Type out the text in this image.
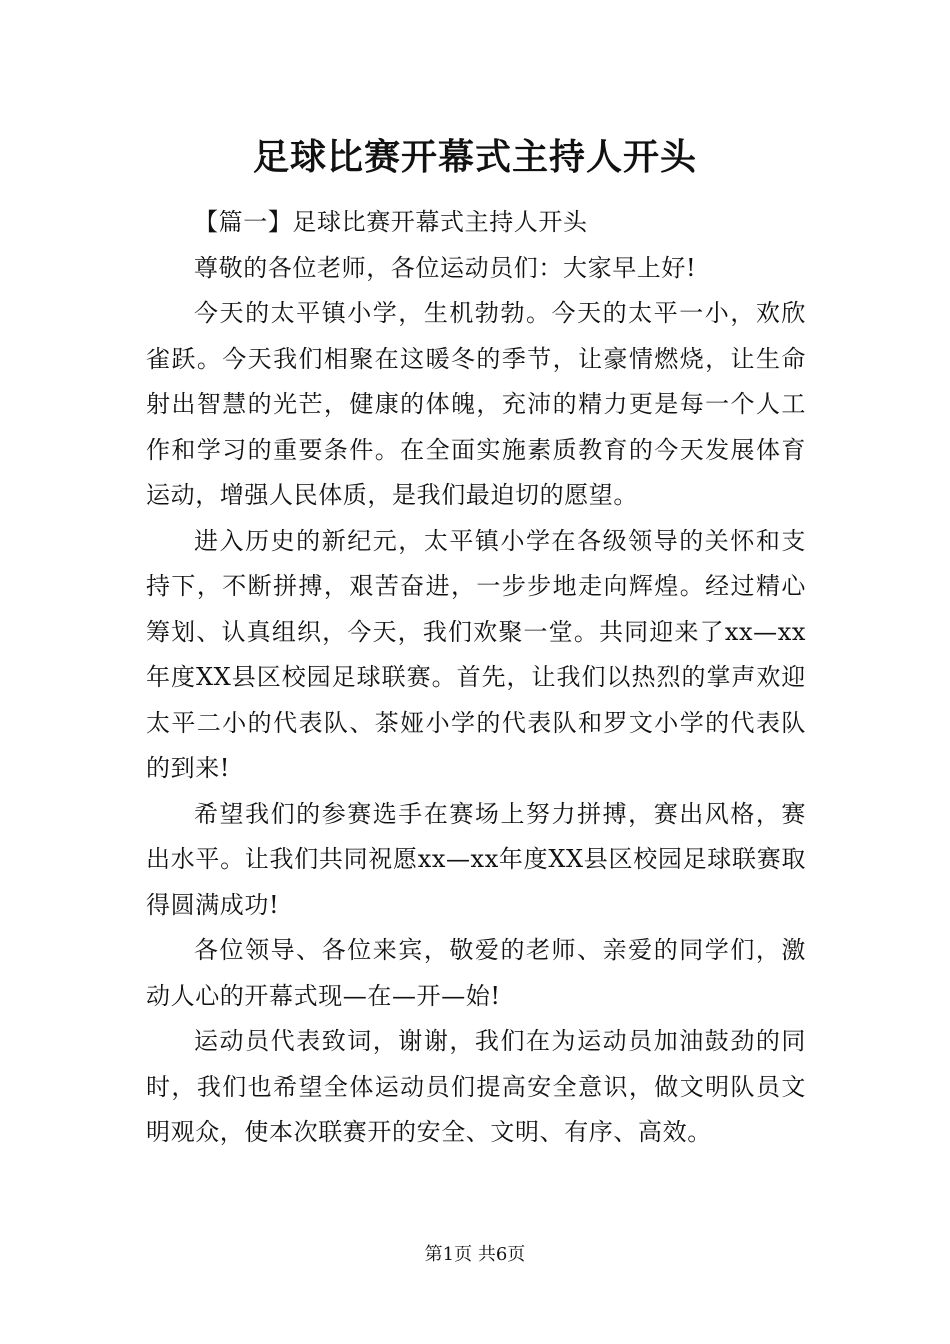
足球比赛开幕式主持人开头

【篇一】足球比赛开幕式主持人开头

尊敬的各位老师，各位运动员们：大家早上好!

今天的太平镇小学，生机勃勃。今天的太平一小，欢欣雀跃。今天我们相聚在这暖冬的季节，让豪情燃烧，让生命射出智慧的光芒，健康的体魄，充沛的精力更是每一个人工作和学习的重要条件。在全面实施素质教育的今天发展体育运动，增强人民体质，是我们最迫切的愿望。

进入历史的新纪元，太平镇小学在各级领导的关怀和支持下，不断拼搏，艰苦奋进，一步步地走向辉煌。经过精心筹划、认真组织，今天，我们欢聚一堂。共同迎来了xx—xx年度XX县区校园足球联赛。首先，让我们以热烈的掌声欢迎太平二小的代表队、茶娅小学的代表队和罗文小学的代表队的到来!

希望我们的参赛选手在赛场上努力拼搏，赛出风格，赛出水平。让我们共同祝愿xx—xx年度XX县区校园足球联赛取得圆满成功!

各位领导、各位来宾，敬爱的老师、亲爱的同学们，激动人心的开幕式现—在—开—始!

运动员代表致词，谢谢，我们在为运动员加油鼓劲的同时，我们也希望全体运动员们提高安全意识，做文明队员文明观众，使本次联赛开的安全、文明、有序、高效。

第1页 共6页
